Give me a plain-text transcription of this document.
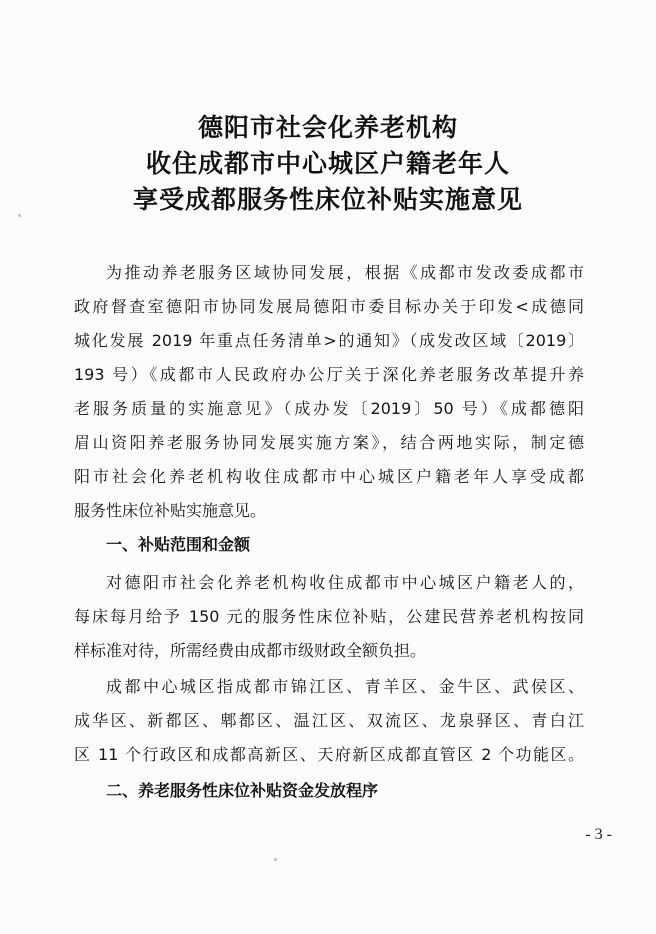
德阳市社会化养老机构
收住成都市中心城区户籍老年人
享受成都服务性床位补贴实施意见
为推动养老服务区域协同发展，根据《成都市发改委成都市
政府督查室德阳市协同发展局德阳市委目标办关于印发<成德同
城化发展 2019 年重点任务清单>的通知》（成发改区域〔2019〕
193 号）《成都市人民政府办公厅关于深化养老服务改革提升养
老服务质量的实施意见》（成办发〔2019〕50 号）《成都德阳
眉山资阳养老服务协同发展实施方案》，结合两地实际，制定德
阳市社会化养老机构收住成都市中心城区户籍老年人享受成都
服务性床位补贴实施意见。
一、补贴范围和金额
对德阳市社会化养老机构收住成都市中心城区户籍老人的，
每床每月给予 150 元的服务性床位补贴，公建民营养老机构按同
样标准对待，所需经费由成都市级财政全额负担。
成都中心城区指成都市锦江区、青羊区、金牛区、武侯区、
成华区、新都区、郫都区、温江区、双流区、龙泉驿区、青白江
区 11 个行政区和成都高新区、天府新区成都直管区 2 个功能区。
二、养老服务性床位补贴资金发放程序
- 3 -
